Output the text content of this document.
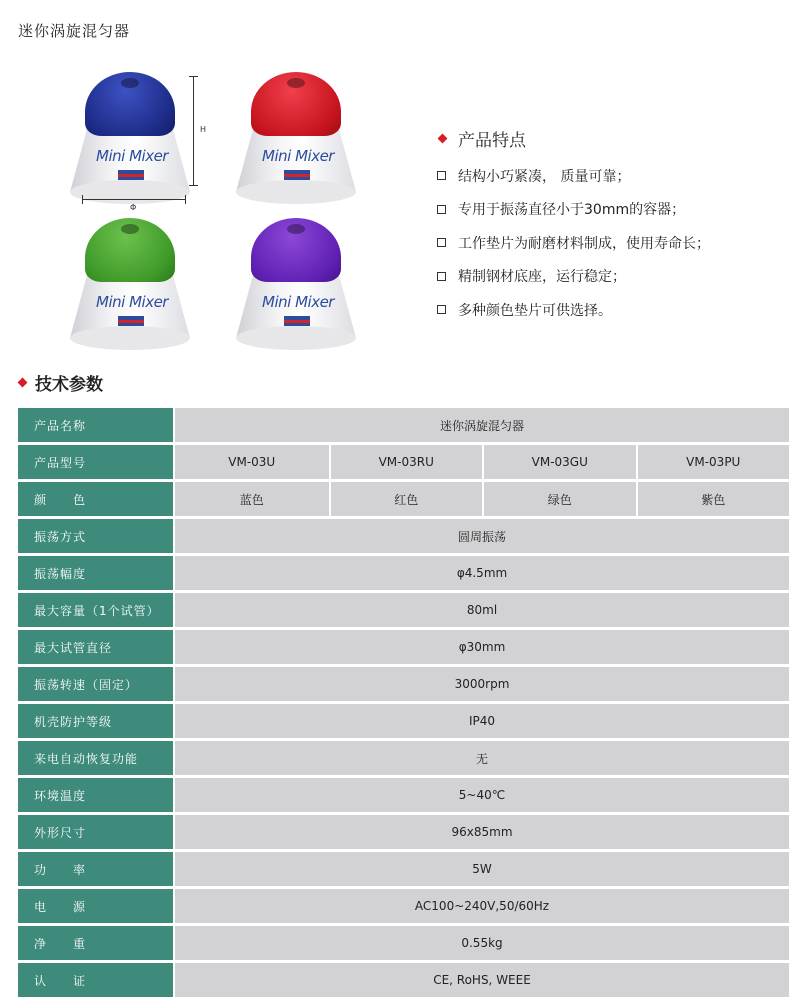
迷你涡旋混匀器
Mini Mixer	Mini Mixer
Mini Mixer	Mini Mixer
H
Φ
产品特点
结构小巧紧凑， 质量可靠；
专用于振荡直径小于30mm的容器；
工作垫片为耐磨材料制成，使用寿命长；
精制钢材底座，运行稳定；
多种颜色垫片可供选择。
技术参数
产品名称		迷你涡旋混匀器			
产品型号		VM-03U	VM-03RU	VM-03GU	VM-03PU
颜　　色		蓝色	红色	绿色	紫色
振荡方式		圆周振荡			
振荡幅度		φ4.5mm			
最大容量（1个试管）		80ml			
最大试管直径		φ30mm			
振荡转速（固定）		3000rpm			
机壳防护等级		IP40			
来电自动恢复功能		无			
环境温度		5~40℃			
外形尺寸		96x85mm			
功　　率		5W			
电　　源		AC100~240V,50/60Hz			
净　　重		0.55kg			
认　　证		CE, RoHS, WEEE			
